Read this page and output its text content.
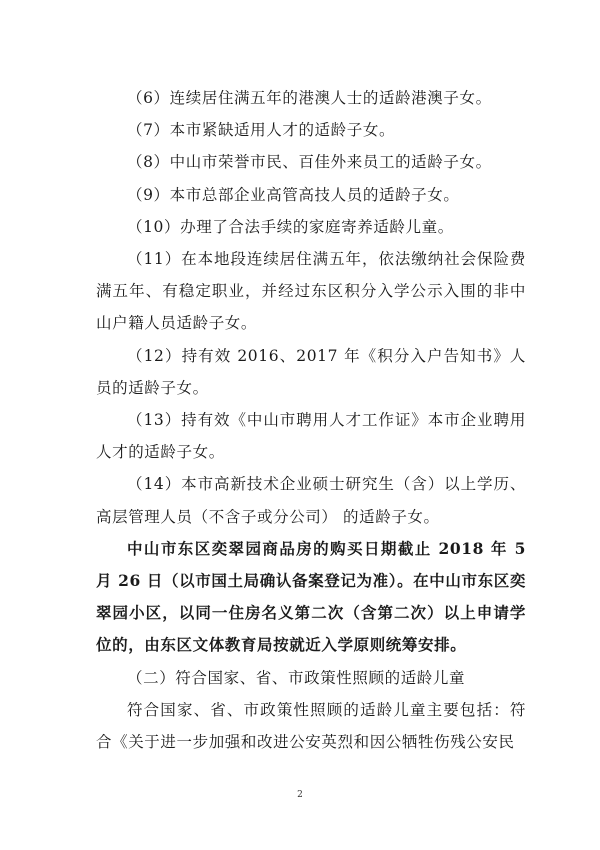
（6）连续居住满五年的港澳人士的适龄港澳子女。

（7）本市紧缺适用人才的适龄子女。

（8）中山市荣誉市民、百佳外来员工的适龄子女。

（9）本市总部企业高管高技人员的适龄子女。

（10）办理了合法手续的家庭寄养适龄儿童。

（11）在本地段连续居住满五年，依法缴纳社会保险费满五年、有稳定职业，并经过东区积分入学公示入围的非中山户籍人员适龄子女。

（12）持有效 2016、2017 年《积分入户告知书》人员的适龄子女。

（13）持有效《中山市聘用人才工作证》本市企业聘用人才的适龄子女。

（14）本市高新技术企业硕士研究生（含）以上学历、高层管理人员（不含子或分公司） 的适龄子女。

中山市东区奕翠园商品房的购买日期截止 2018 年 5 月 26 日（以市国土局确认备案登记为准）。在中山市东区奕翠园小区，以同一住房名义第二次（含第二次）以上申请学位的，由东区文体教育局按就近入学原则统筹安排。

（二）符合国家、省、市政策性照顾的适龄儿童

符合国家、省、市政策性照顾的适龄儿童主要包括：符合《关于进一步加强和改进公安英烈和因公牺牲伤残公安民

2
